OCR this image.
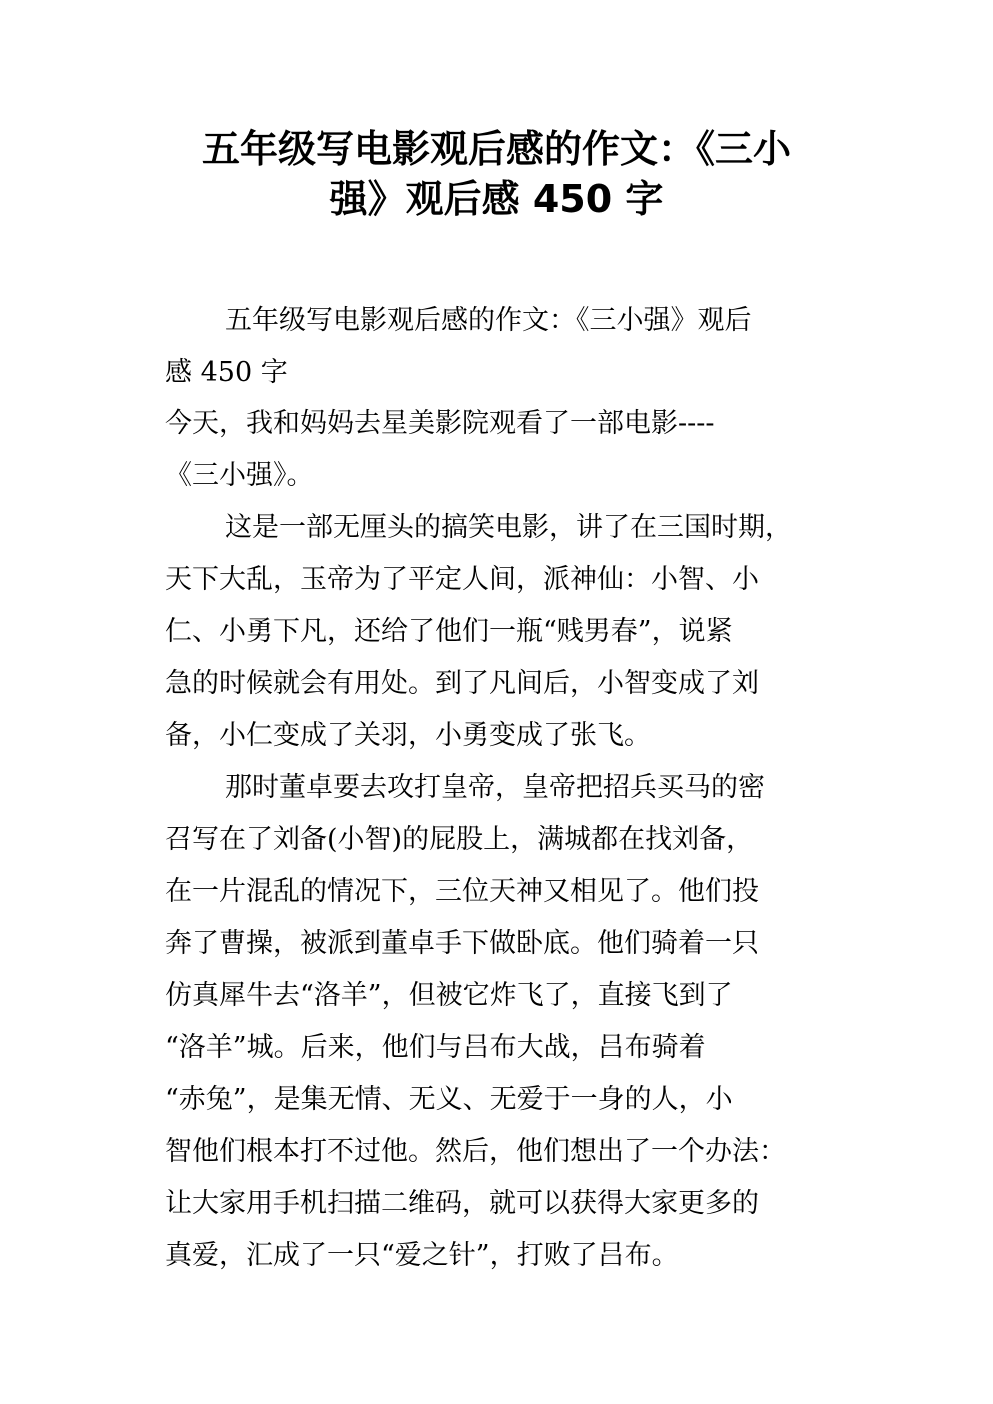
五年级写电影观后感的作文：《三小
强》观后感 450 字

五年级写电影观后感的作文：《三小强》观后

感 450 字

今天，我和妈妈去星美影院观看了一部电影----

《三小强》。

这是一部无厘头的搞笑电影，讲了在三国时期，

天下大乱，玉帝为了平定人间，派神仙：小智、小

仁、小勇下凡，还给了他们一瓶“贱男春”，说紧

急的时候就会有用处。到了凡间后，小智变成了刘

备，小仁变成了关羽，小勇变成了张飞。

那时董卓要去攻打皇帝，皇帝把招兵买马的密

召写在了刘备(小智)的屁股上，满城都在找刘备，

在一片混乱的情况下，三位天神又相见了。他们投

奔了曹操，被派到董卓手下做卧底。他们骑着一只

仿真犀牛去“洛羊”，但被它炸飞了，直接飞到了

“洛羊”城。后来，他们与吕布大战，吕布骑着

“赤兔”，是集无情、无义、无爱于一身的人，小

智他们根本打不过他。然后，他们想出了一个办法：

让大家用手机扫描二维码，就可以获得大家更多的

真爱，汇成了一只“爱之针”，打败了吕布。
